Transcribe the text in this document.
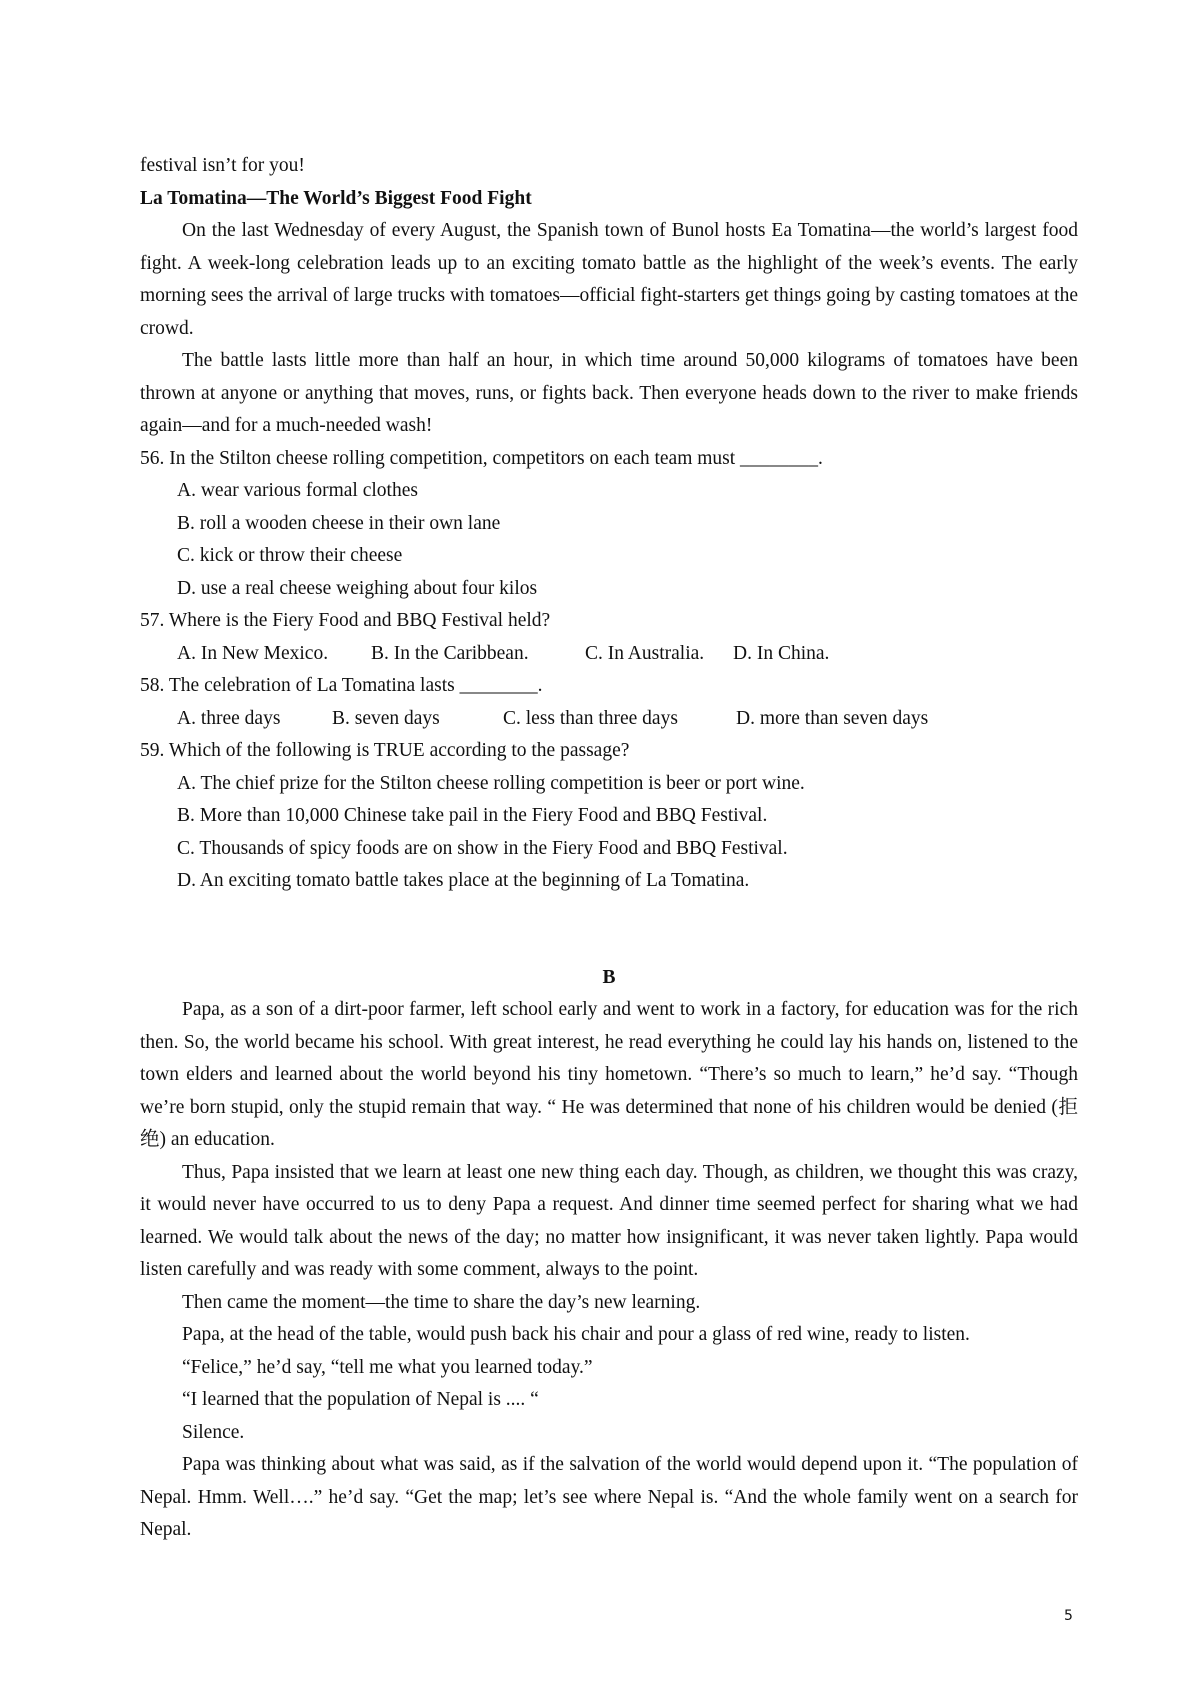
festival isn’t for you!

La Tomatina—The World’s Biggest Food Fight

On the last Wednesday of every August, the Spanish town of Bunol hosts Ea Tomatina—the world’s largest food fight. A week-long celebration leads up to an exciting tomato battle as the highlight of the week’s events. The early morning sees the arrival of large trucks with tomatoes—official fight-starters get things going by casting tomatoes at the crowd.

The battle lasts little more than half an hour, in which time around 50,000 kilograms of tomatoes have been thrown at anyone or anything that moves, runs, or fights back. Then everyone heads down to the river to make friends again—and for a much-needed wash!

56. In the Stilton cheese rolling competition, competitors on each team must ________.

A. wear various formal clothes

B. roll a wooden cheese in their own lane

C. kick or throw their cheese

D. use a real cheese weighing about four kilos

57. Where is the Fiery Food and BBQ Festival held?

A. In New Mexico.	B. In the Caribbean.	C. In Australia.	D. In China.

58. The celebration of La Tomatina lasts ________.

A. three days	B. seven days	C. less than three days	D. more than seven days

59. Which of the following is TRUE according to the passage?

A. The chief prize for the Stilton cheese rolling competition is beer or port wine.

B. More than 10,000 Chinese take pail in the Fiery Food and BBQ Festival.

C. Thousands of spicy foods are on show in the Fiery Food and BBQ Festival.

D. An exciting tomato battle takes place at the beginning of La Tomatina.

B

Papa, as a son of a dirt-poor farmer, left school early and went to work in a factory, for education was for the rich then. So, the world became his school. With great interest, he read everything he could lay his hands on, listened to the town elders and learned about the world beyond his tiny hometown. “There’s so much to learn,” he’d say. “Though we’re born stupid, only the stupid remain that way. “ He was determined that none of his children would be denied (拒绝) an education.

Thus, Papa insisted that we learn at least one new thing each day. Though, as children, we thought this was crazy, it would never have occurred to us to deny Papa a request. And dinner time seemed perfect for sharing what we had learned. We would talk about the news of the day; no matter how insignificant, it was never taken lightly. Papa would listen carefully and was ready with some comment, always to the point.

Then came the moment—the time to share the day’s new learning.

Papa, at the head of the table, would push back his chair and pour a glass of red wine, ready to listen.

“Felice,” he’d say, “tell me what you learned today.”

“I learned that the population of Nepal is .... “

Silence.

Papa was thinking about what was said, as if the salvation of the world would depend upon it. “The population of Nepal. Hmm. Well….” he’d say. “Get the map; let’s see where Nepal is. “And the whole family went on a search for Nepal.

5
